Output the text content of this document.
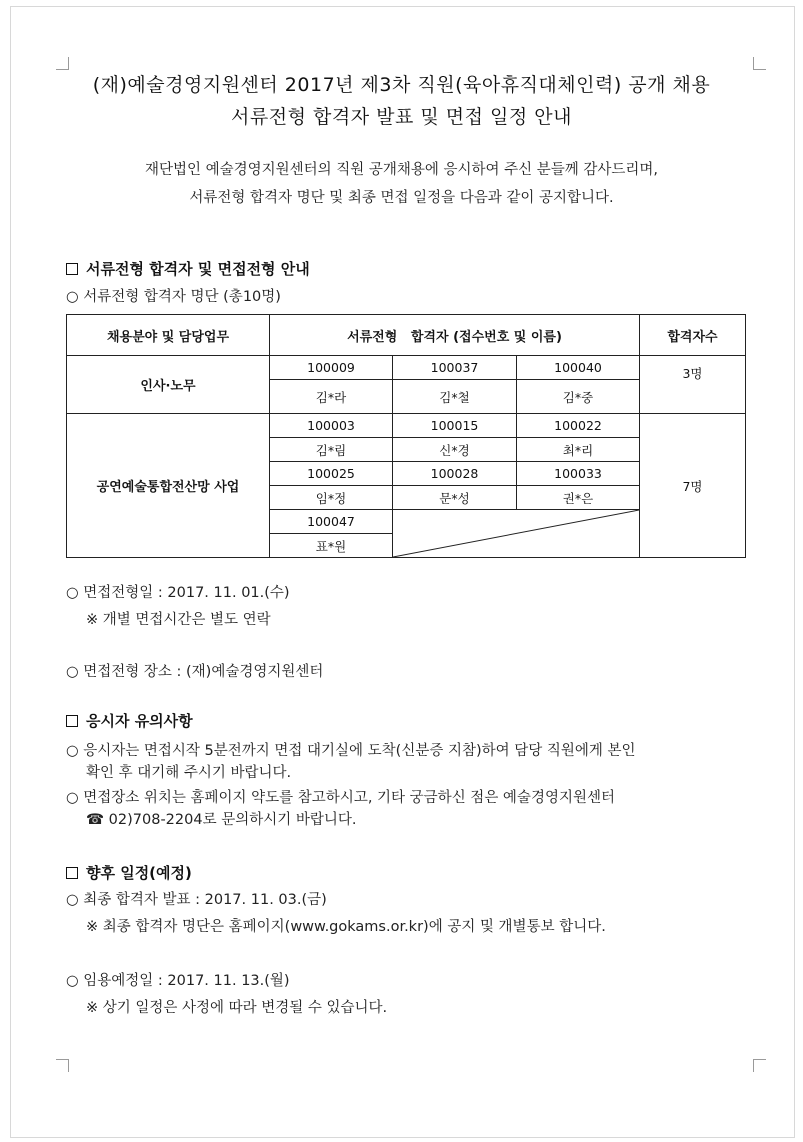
(재)예술경영지원센터 2017년 제3차 직원(육아휴직대체인력) 공개 채용
서류전형 합격자 발표 및 면접 일정 안내
재단법인 예술경영지원센터의 직원 공개채용에 응시하여 주신 분들께 감사드리며,
서류전형 합격자 명단 및 최종 면접 일정을 다음과 같이 공지합니다.
서류전형 합격자 및 면접전형 안내
○ 서류전형 합격자 명단 (총10명)
채용분야 및 담당업무	서류전형   합격자 (접수번호 및 이름)			합격자수
인사·노무	100009	100037	100040	3명
	김*라	김*철	김*중	
공연예술통합전산망 사업	100003	100015	100022	7명
	김*림	신*경	최*리	
	100025	100028	100033	
	임*정	문*성	권*은	
	100047	

	표*원			
○ 면접전형일 : 2017. 11. 01.(수)
※ 개별 면접시간은 별도 연락
○ 면접전형 장소 : (재)예술경영지원센터
응시자 유의사항
○ 응시자는 면접시작 5분전까지 면접 대기실에 도착(신분증 지참)하여 담당 직원에게 본인
확인 후 대기해 주시기 바랍니다.
○ 면접장소 위치는 홈페이지 약도를 참고하시고, 기타 궁금하신 점은 예술경영지원센터
☎ 02)708-2204로 문의하시기 바랍니다.
향후 일정(예정)
○ 최종 합격자 발표 : 2017. 11. 03.(금)
※ 최종 합격자 명단은 홈페이지(www.gokams.or.kr)에 공지 및 개별통보 합니다.
○ 임용예정일 : 2017. 11. 13.(월)
※ 상기 일정은 사정에 따라 변경될 수 있습니다.
